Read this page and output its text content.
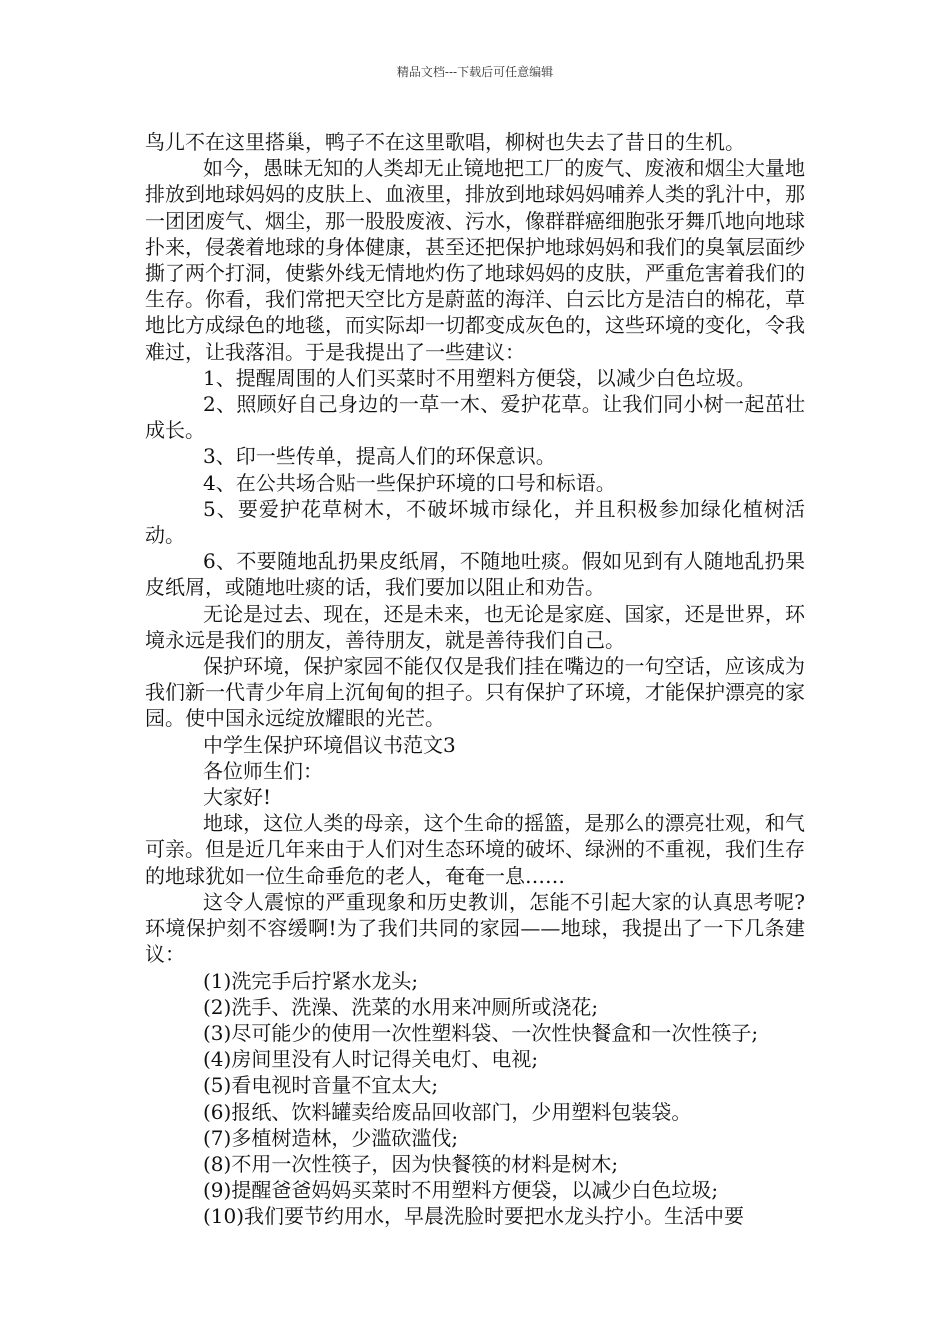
精品文档---下载后可任意编辑

鸟儿不在这里搭巢，鸭子不在这里歌唱，柳树也失去了昔日的生机。

如今，愚昧无知的人类却无止镜地把工厂的废气、废液和烟尘大量地排放到地球妈妈的皮肤上、血液里，排放到地球妈妈哺养人类的乳汁中，那一团团废气、烟尘，那一股股废液、污水，像群群癌细胞张牙舞爪地向地球扑来，侵袭着地球的身体健康，甚至还把保护地球妈妈和我们的臭氧层面纱撕了两个打洞，使紫外线无情地灼伤了地球妈妈的皮肤，严重危害着我们的生存。你看，我们常把天空比方是蔚蓝的海洋、白云比方是洁白的棉花，草地比方成绿色的地毯，而实际却一切都变成灰色的，这些环境的变化，令我难过，让我落泪。于是我提出了一些建议：

1、提醒周围的人们买菜时不用塑料方便袋，以减少白色垃圾。

2、照顾好自己身边的一草一木、爱护花草。让我们同小树一起茁壮成长。

3、印一些传单，提高人们的环保意识。

4、在公共场合贴一些保护环境的口号和标语。

5、要爱护花草树木，不破坏城市绿化，并且积极参加绿化植树活动。

6、不要随地乱扔果皮纸屑，不随地吐痰。假如见到有人随地乱扔果皮纸屑，或随地吐痰的话，我们要加以阻止和劝告。

无论是过去、现在，还是未来，也无论是家庭、国家，还是世界，环境永远是我们的朋友，善待朋友，就是善待我们自己。

保护环境，保护家园不能仅仅是我们挂在嘴边的一句空话，应该成为我们新一代青少年肩上沉甸甸的担子。只有保护了环境，才能保护漂亮的家园。使中国永远绽放耀眼的光芒。

中学生保护环境倡议书范文3

各位师生们：

大家好!

地球，这位人类的母亲，这个生命的摇篮，是那么的漂亮壮观，和气可亲。但是近几年来由于人们对生态环境的破坏、绿洲的不重视，我们生存的地球犹如一位生命垂危的老人，奄奄一息……

这令人震惊的严重现象和历史教训，怎能不引起大家的认真思考呢?环境保护刻不容缓啊!为了我们共同的家园——地球，我提出了一下几条建议：

(1)洗完手后拧紧水龙头;

(2)洗手、洗澡、洗菜的水用来冲厕所或浇花;

(3)尽可能少的使用一次性塑料袋、一次性快餐盒和一次性筷子;

(4)房间里没有人时记得关电灯、电视;

(5)看电视时音量不宜太大;

(6)报纸、饮料罐卖给废品回收部门，少用塑料包装袋。

(7)多植树造林，少滥砍滥伐;

(8)不用一次性筷子，因为快餐筷的材料是树木;

(9)提醒爸爸妈妈买菜时不用塑料方便袋，以减少白色垃圾;

(10)我们要节约用水，早晨洗脸时要把水龙头拧小。生活中要
